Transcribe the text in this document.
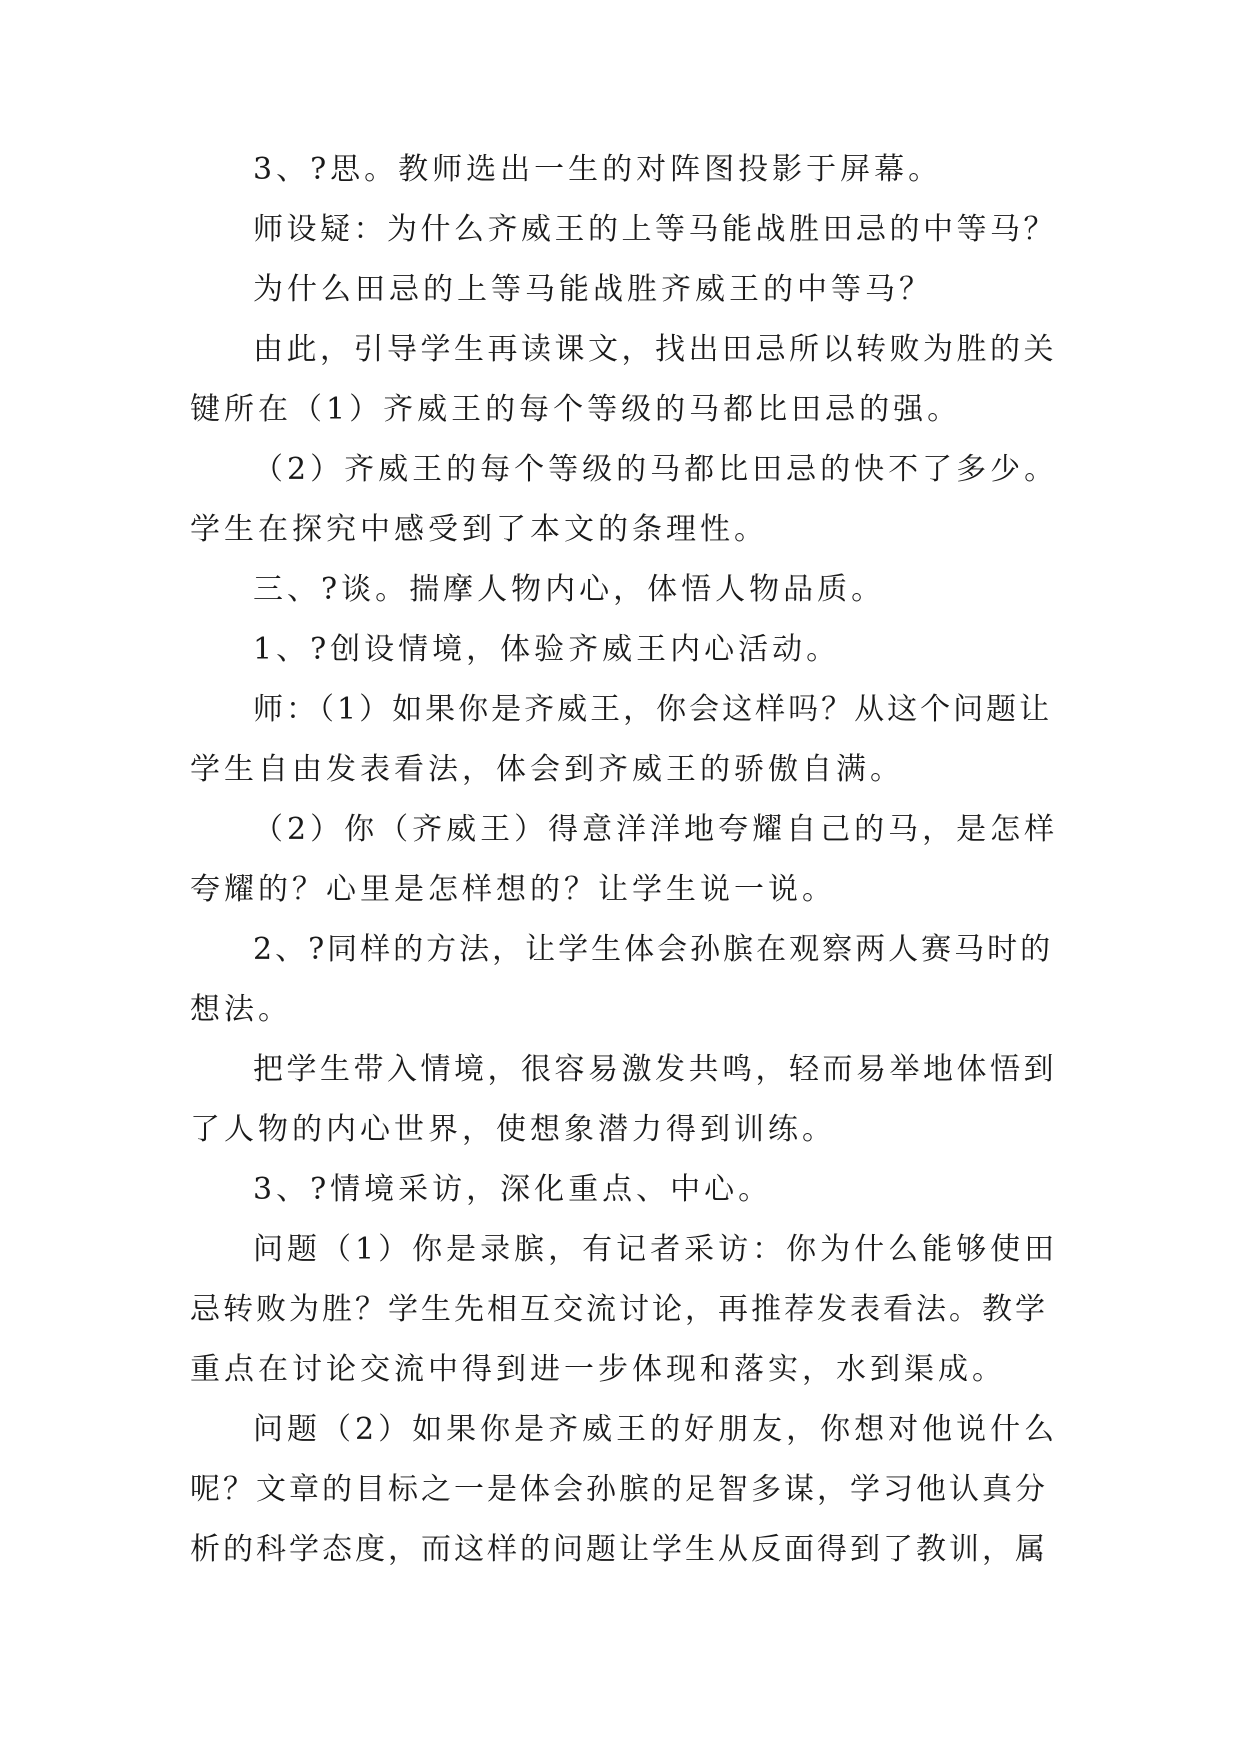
3、?思。教师选出一生的对阵图投影于屏幕。
师设疑：为什么齐威王的上等马能战胜田忌的中等马？
为什么田忌的上等马能战胜齐威王的中等马？
由此，引导学生再读课文，找出田忌所以转败为胜的关
键所在（1）齐威王的每个等级的马都比田忌的强。
（2）齐威王的每个等级的马都比田忌的快不了多少。
学生在探究中感受到了本文的条理性。
三、?谈。揣摩人物内心，体悟人物品质。
1、?创设情境，体验齐威王内心活动。
师：（1）如果你是齐威王，你会这样吗？从这个问题让
学生自由发表看法，体会到齐威王的骄傲自满。
（2）你（齐威王）得意洋洋地夸耀自己的马，是怎样
夸耀的？心里是怎样想的？让学生说一说。
2、?同样的方法，让学生体会孙膑在观察两人赛马时的
想法。
把学生带入情境，很容易激发共鸣，轻而易举地体悟到
了人物的内心世界，使想象潜力得到训练。
3、?情境采访，深化重点、中心。
问题（1）你是录膑，有记者采访：你为什么能够使田
忌转败为胜？学生先相互交流讨论，再推荐发表看法。教学
重点在讨论交流中得到进一步体现和落实，水到渠成。
问题（2）如果你是齐威王的好朋友，你想对他说什么
呢？文章的目标之一是体会孙膑的足智多谋，学习他认真分
析的科学态度，而这样的问题让学生从反面得到了教训，属
